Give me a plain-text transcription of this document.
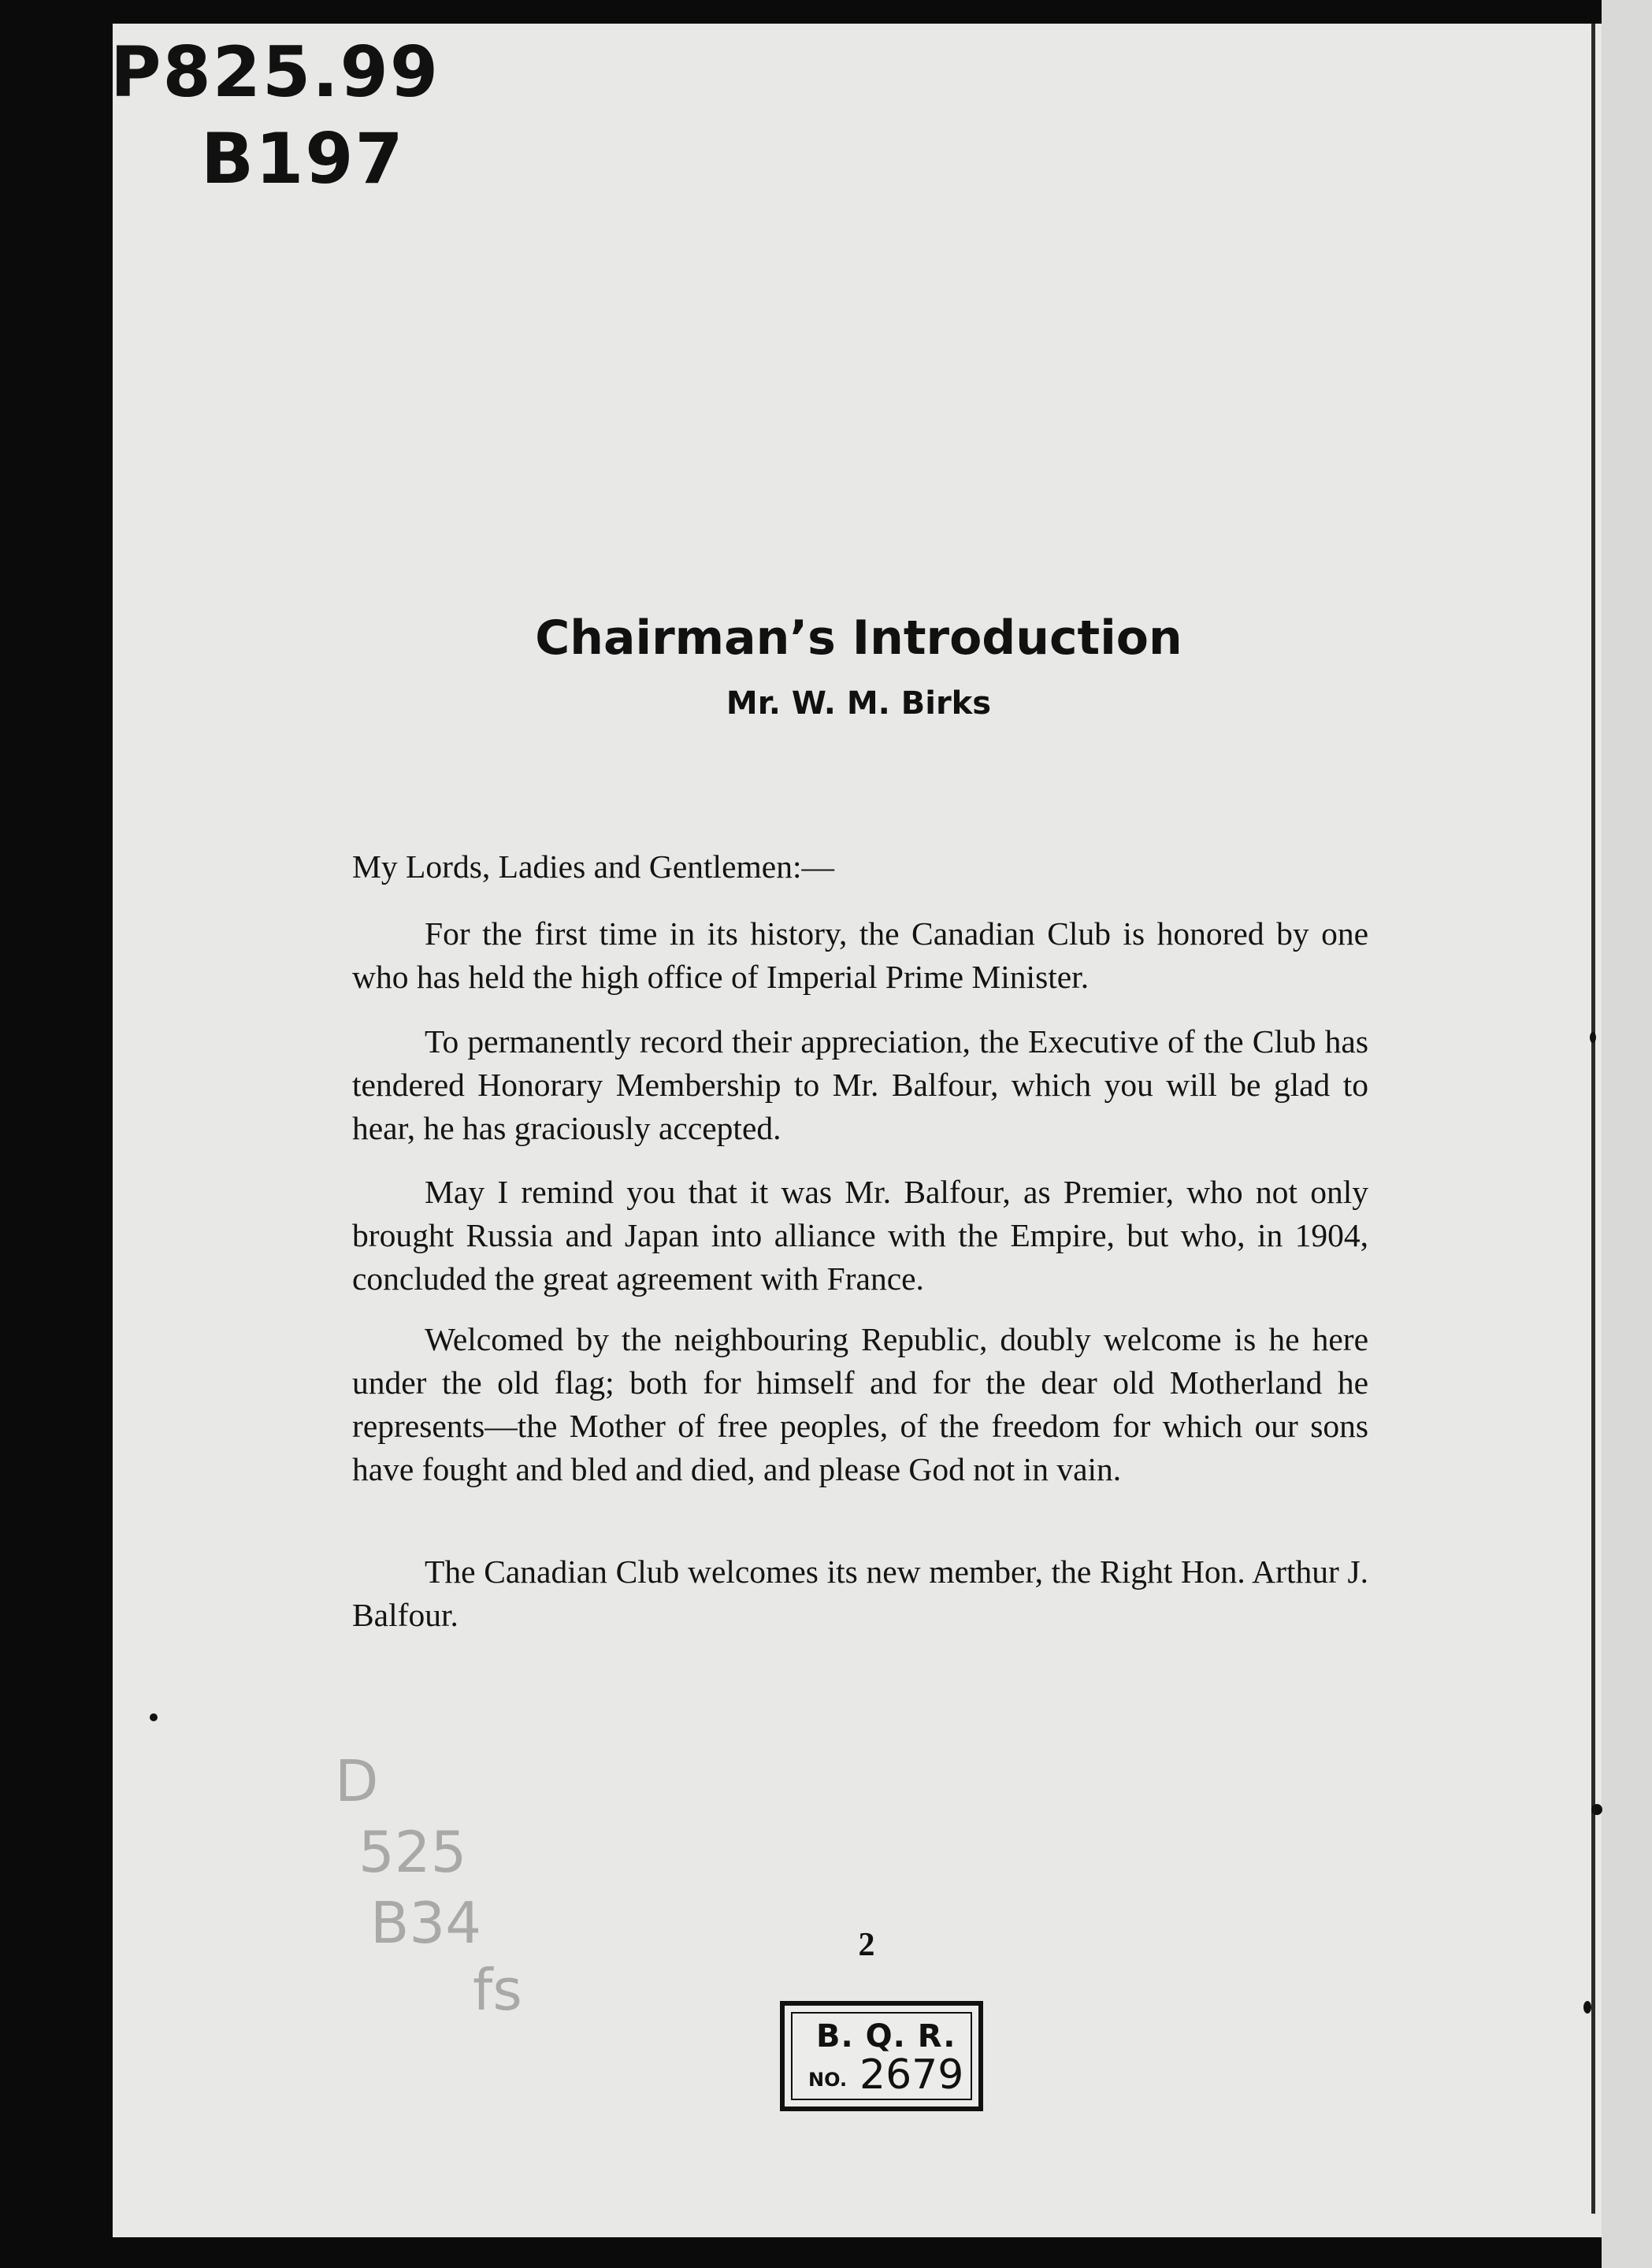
P825.99
B197
Chairman’s Introduction
Mr. W. M. Birks
My Lords, Ladies and Gentlemen:—
For the first time in its history, the Canadian Club is honored by one who has held the high office of Imperial Prime Minister.
To permanently record their appreciation, the Executive of the Club has tendered Honorary Membership to Mr. Balfour, which you will be glad to hear, he has graciously accepted.
May I remind you that it was Mr. Balfour, as Premier, who not only brought Russia and Japan into alliance with the Empire, but who, in 1904, concluded the great agreement with France.
Welcomed by the neighbouring Republic, doubly welcome is he here under the old flag; both for himself and for the dear old Motherland he represents—the Mother of free peoples, of the freedom for which our sons have fought and bled and died, and please God not in vain.
The Canadian Club welcomes its new member, the Right Hon. Arthur J. Balfour.
D
525
B34
fs
2
B. Q. R.
NO. 2679
